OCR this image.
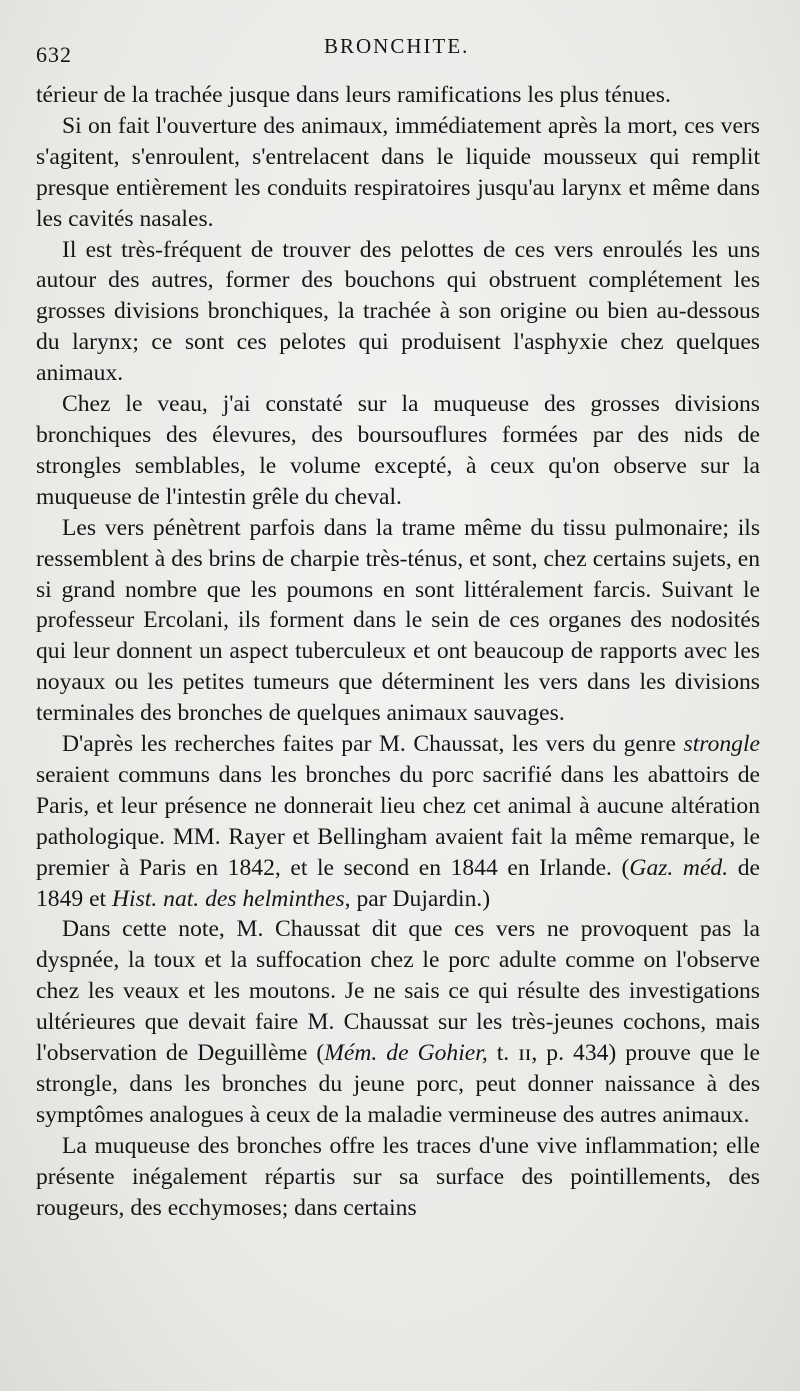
632	BRONCHITE.

térieur de la trachée jusque dans leurs ramifications les plus ténues.

Si on fait l'ouverture des animaux, immédiatement après la mort, ces vers s'agitent, s'enroulent, s'entrelacent dans le liquide mousseux qui remplit presque entièrement les conduits respiratoires jusqu'au larynx et même dans les cavités nasales.

Il est très-fréquent de trouver des pelottes de ces vers enroulés les uns autour des autres, former des bouchons qui obstruent complétement les grosses divisions bronchiques, la trachée à son origine ou bien au-dessous du larynx; ce sont ces pelotes qui produisent l'asphyxie chez quelques animaux.

Chez le veau, j'ai constaté sur la muqueuse des grosses divisions bronchiques des élevures, des boursouflures formées par des nids de strongles semblables, le volume excepté, à ceux qu'on observe sur la muqueuse de l'intestin grêle du cheval.

Les vers pénètrent parfois dans la trame même du tissu pulmonaire; ils ressemblent à des brins de charpie très-ténus, et sont, chez certains sujets, en si grand nombre que les poumons en sont littéralement farcis. Suivant le professeur Ercolani, ils forment dans le sein de ces organes des nodosités qui leur donnent un aspect tuberculeux et ont beaucoup de rapports avec les noyaux ou les petites tumeurs que déterminent les vers dans les divisions terminales des bronches de quelques animaux sauvages.

D'après les recherches faites par M. Chaussat, les vers du genre strongle seraient communs dans les bronches du porc sacrifié dans les abattoirs de Paris, et leur présence ne donnerait lieu chez cet animal à aucune altération pathologique. MM. Rayer et Bellingham avaient fait la même remarque, le premier à Paris en 1842, et le second en 1844 en Irlande. (Gaz. méd. de 1849 et Hist. nat. des helminthes, par Dujardin.)

Dans cette note, M. Chaussat dit que ces vers ne provoquent pas la dyspnée, la toux et la suffocation chez le porc adulte comme on l'observe chez les veaux et les moutons. Je ne sais ce qui résulte des investigations ultérieures que devait faire M. Chaussat sur les très-jeunes cochons, mais l'observation de Deguillème (Mém. de Gohier, t. ɪɪ, p. 434) prouve que le strongle, dans les bronches du jeune porc, peut donner naissance à des symptômes analogues à ceux de la maladie vermineuse des autres animaux.

La muqueuse des bronches offre les traces d'une vive inflammation; elle présente inégalement répartis sur sa surface des pointillements, des rougeurs, des ecchymoses; dans certains
